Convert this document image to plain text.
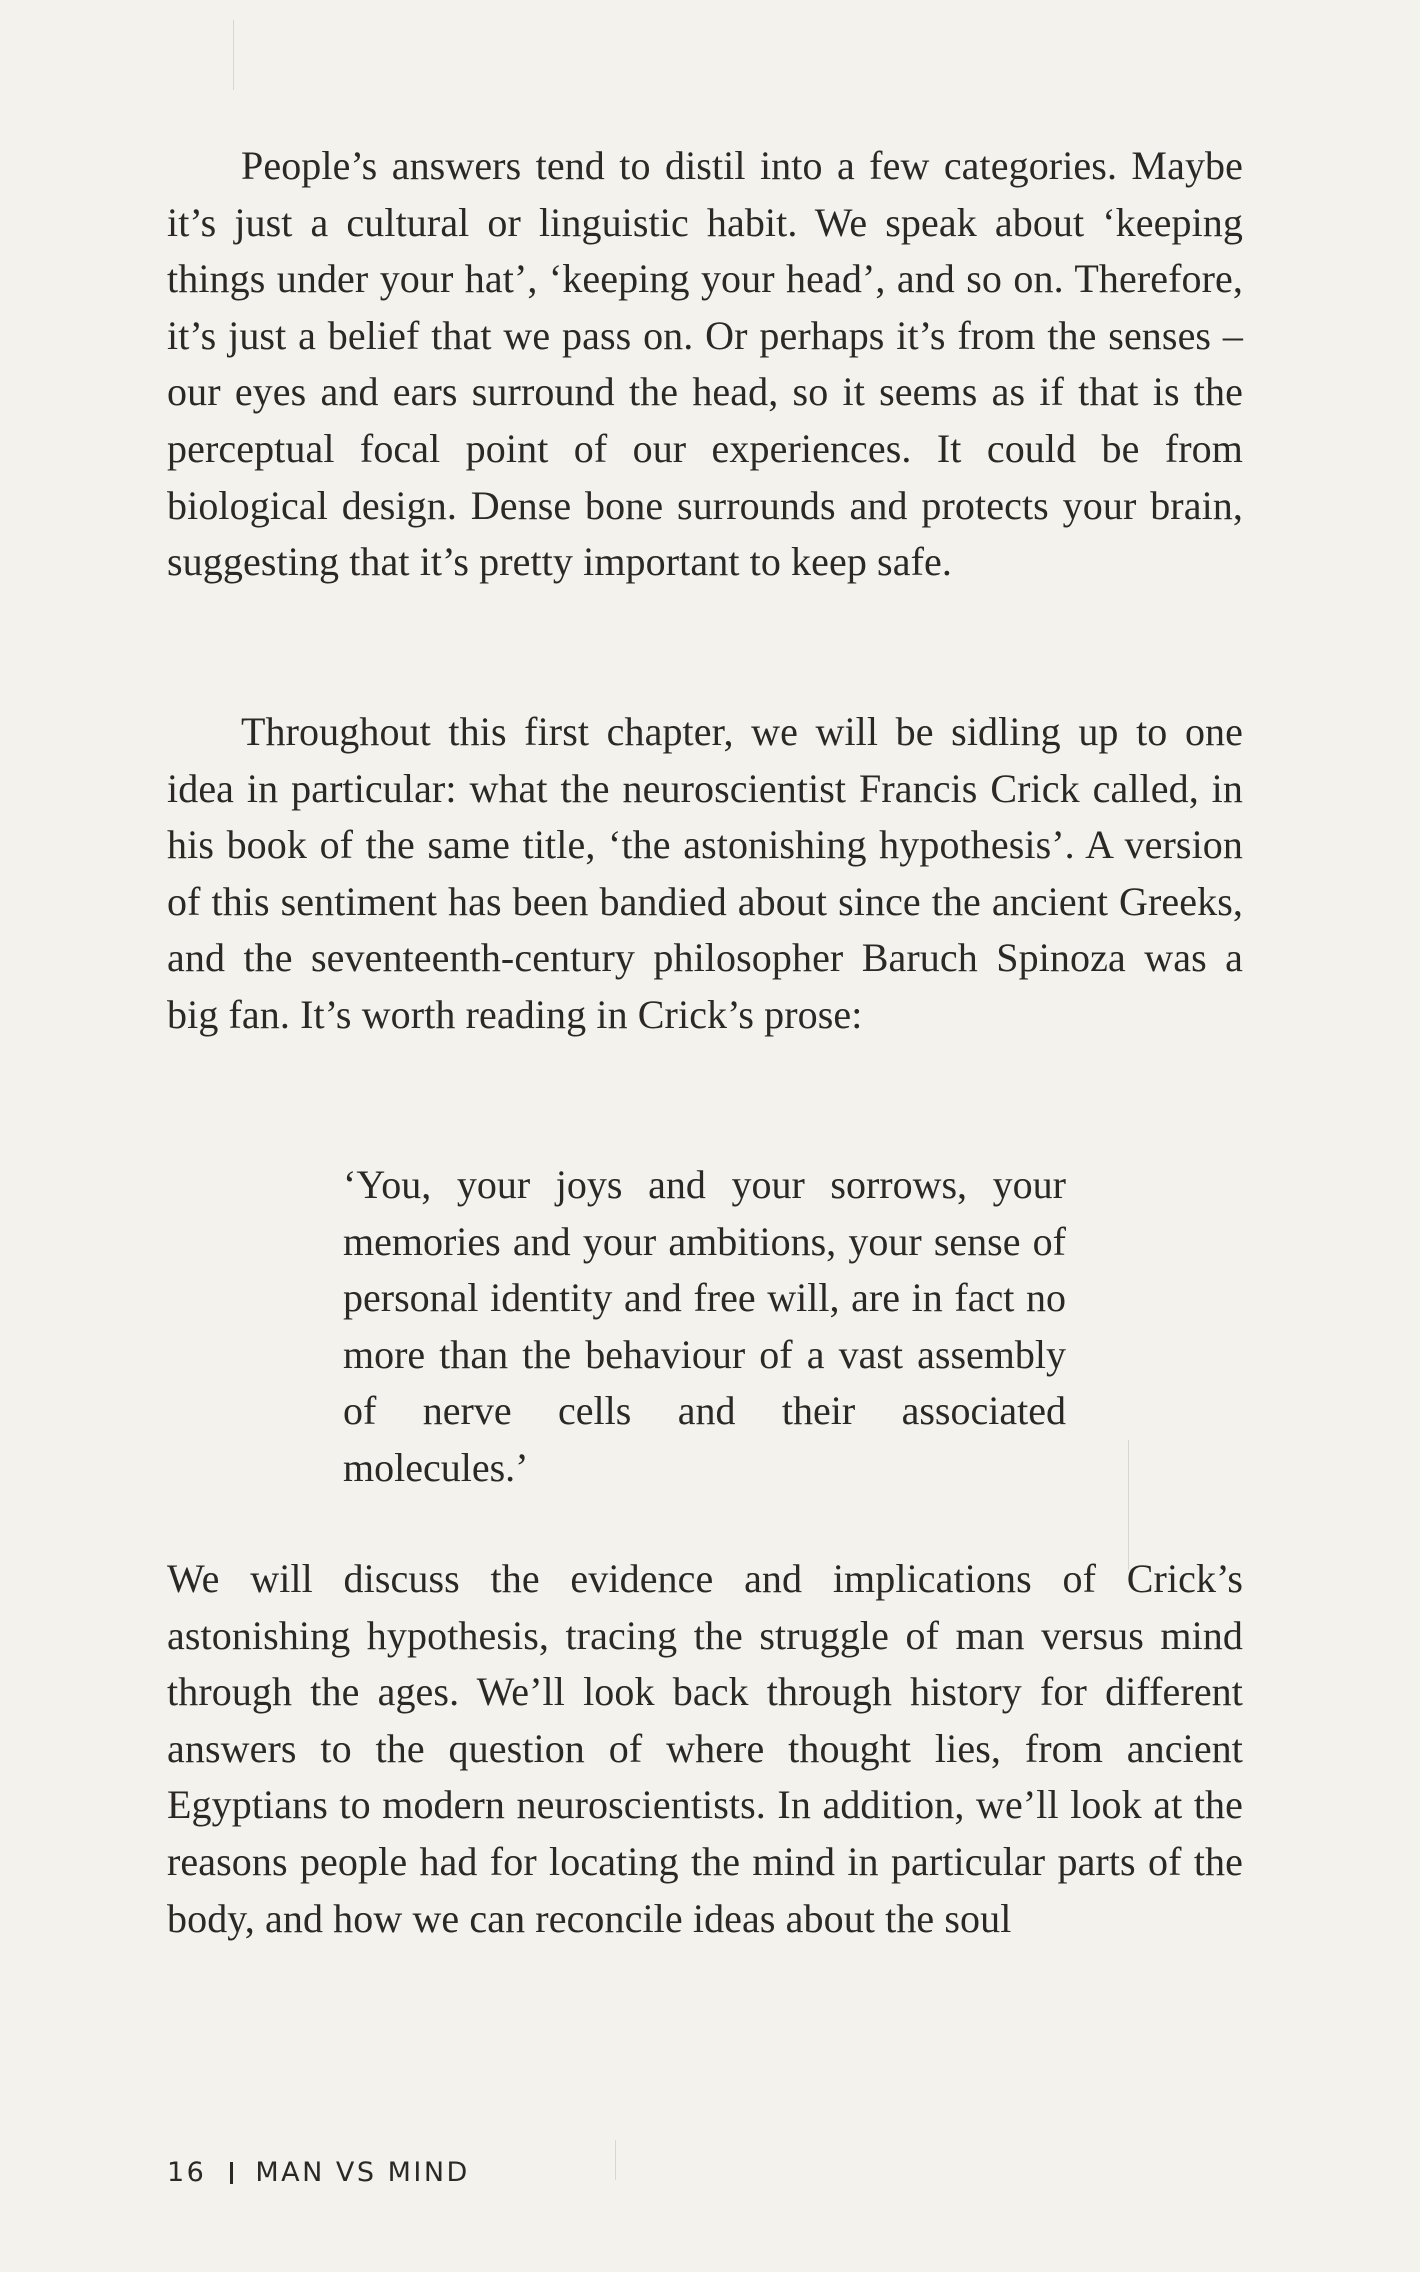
People’s answers tend to distil into a few categories. Maybe it’s just a cultural or linguistic habit. We speak about ‘keeping things under your hat’, ‘keeping your head’, and so on. Therefore, it’s just a belief that we pass on. Or perhaps it’s from the senses – our eyes and ears surround the head, so it seems as if that is the perceptual focal point of our experiences. It could be from biological design. Dense bone surrounds and protects your brain, suggesting that it’s pretty important to keep safe.

Throughout this first chapter, we will be sidling up to one idea in particular: what the neuroscientist Francis Crick called, in his book of the same title, ‘the astonishing hypothesis’. A version of this sentiment has been bandied about since the ancient Greeks, and the seventeenth-century philosopher Baruch Spinoza was a big fan. It’s worth reading in Crick’s prose:

‘You, your joys and your sorrows, your memories and your ambitions, your sense of personal identity and free will, are in fact no more than the behaviour of a vast assembly of nerve cells and their associated molecules.’

We will discuss the evidence and implications of Crick’s astonishing hypothesis, tracing the struggle of man versus mind through the ages. We’ll look back through history for different answers to the question of where thought lies, from ancient Egyptians to modern neuroscientists. In addition, we’ll look at the reasons people had for locating the mind in particular parts of the body, and how we can reconcile ideas about the soul

16 MAN VS MIND
